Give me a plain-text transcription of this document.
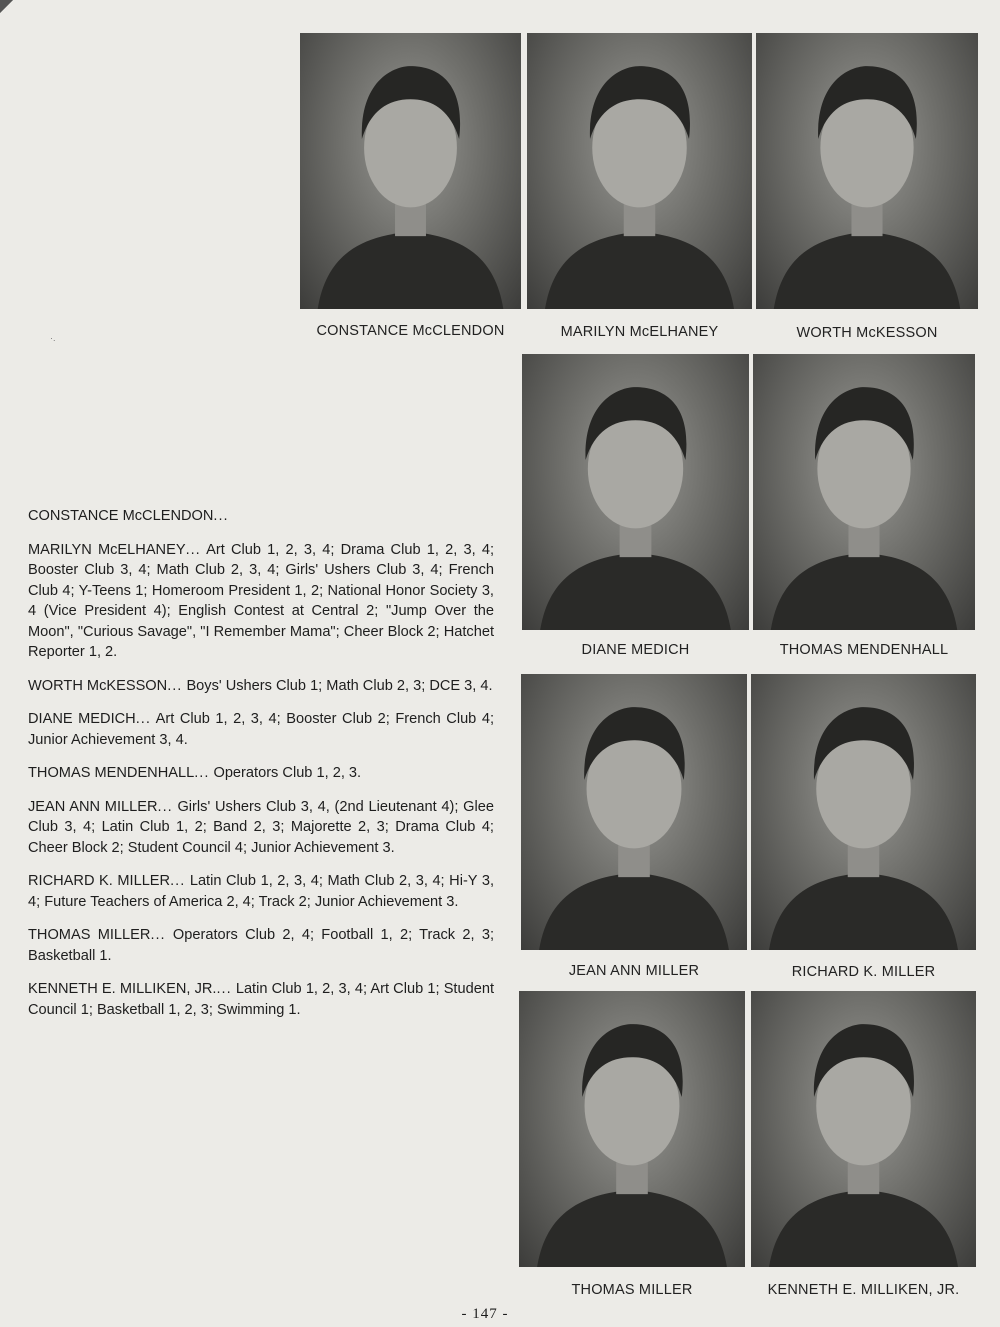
·.	CONSTANCE McCLENDON	MARILYN McELHANEY	WORTH McKESSON
DIANE MEDICH	THOMAS MENDENHALL
JEAN ANN MILLER	RICHARD K. MILLER
THOMAS MILLER	KENNETH E. MILLIKEN, JR.

CONSTANCE McCLENDON...

MARILYN McELHANEY... Art Club 1, 2, 3, 4; Drama Club 1, 2, 3, 4; Booster Club 3, 4; Math Club 2, 3, 4; Girls' Ushers Club 3, 4; French Club 4; Y-Teens 1; Homeroom President 1, 2; National Honor Society 3, 4 (Vice President 4); English Contest at Central 2; "Jump Over the Moon", "Curious Savage", "I Remember Mama"; Cheer Block 2; Hatchet Reporter 1, 2.

WORTH McKESSON... Boys' Ushers Club 1; Math Club 2, 3; DCE 3, 4.

DIANE MEDICH... Art Club 1, 2, 3, 4; Booster Club 2; French Club 4; Junior Achievement 3, 4.

THOMAS MENDENHALL... Operators Club 1, 2, 3.

JEAN ANN MILLER... Girls' Ushers Club 3, 4, (2nd Lieutenant 4); Glee Club 3, 4; Latin Club 1, 2; Band 2, 3; Majorette 2, 3; Drama Club 4; Cheer Block 2; Student Council 4; Junior Achievement 3.

RICHARD K. MILLER... Latin Club 1, 2, 3, 4; Math Club 2, 3, 4; Hi-Y 3, 4; Future Teachers of America 2, 4; Track 2; Junior Achievement 3.

THOMAS MILLER... Operators Club 2, 4; Football 1, 2; Track 2, 3; Basketball 1.

KENNETH E. MILLIKEN, JR.... Latin Club 1, 2, 3, 4; Art Club 1; Student Council 1; Basketball 1, 2, 3; Swimming 1.

- 147 -
